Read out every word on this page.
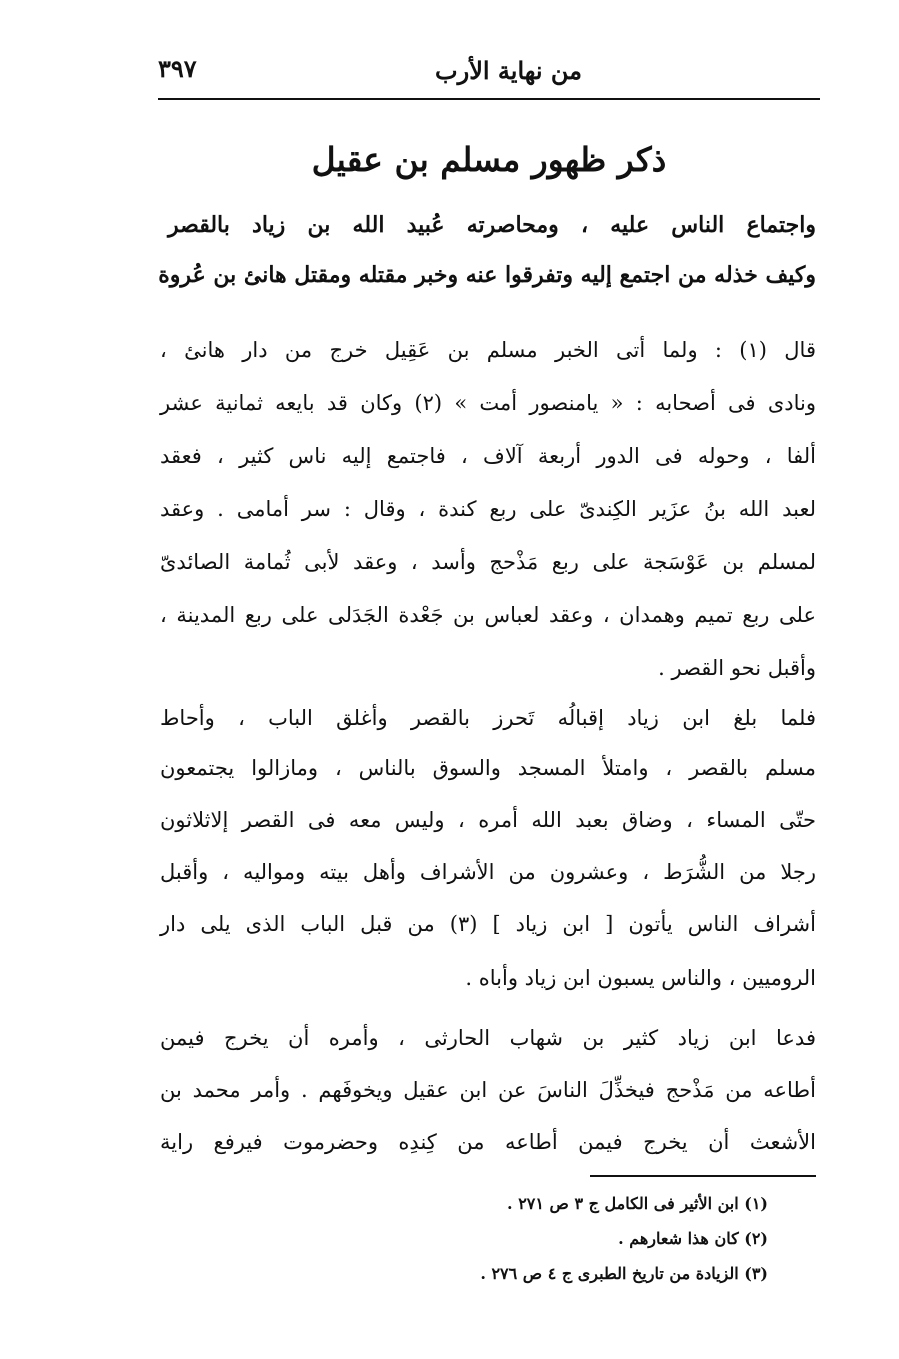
من نهاية الأرب
٣٩٧
ذكر ظهور مسلم بن عقيل
واجتماع الناس عليه ، ومحاصرته عُبيد الله بن زياد بالقصر
وكيف خذله من اجتمع إليه وتفرقوا عنه وخبر مقتله ومقتل هانئ بن عُروة
قال (١) : ولما أتى الخبر مسلم بن عَقِيل خرج من دار هانئ ،
ونادى فى أصحابه : « يامنصور أمت » (٢) وكان قد بايعه ثمانية عشر
ألفا ، وحوله فى الدور أربعة آلاف ، فاجتمع إليه ناس كثير ، فعقد
لعبد الله بنُ عزَير الكِندىّ على ربع كندة ، وقال : سر أمامى . وعقد
لمسلم بن عَوْسَجة على ربع مَذْحج وأسد ، وعقد لأبى ثُمامة الصائدىّ
على ربع تميم وهمدان ، وعقد لعباس بن جَعْدة الجَدَلى على ربع المدينة ،
وأقبل نحو القصر .
فلما بلغ ابن زياد إقبالُه تَحرز بالقصر وأغلق الباب ، وأحاط
مسلم بالقصر ، وامتلأ المسجد والسوق بالناس ، ومازالوا يجتمعون
حتّى المساء ، وضاق بعبد الله أمره ، وليس معه فى القصر إلاثلاثون
رجلا من الشُّرَط ، وعشرون من الأشراف وأهل بيته ومواليه ، وأقبل
أشراف الناس يأتون [ ابن زياد ] (٣) من قبل الباب الذى يلى دار
الروميين ، والناس يسبون ابن زياد وأباه .
فدعا ابن زياد كثير بن شهاب الحارثى ، وأمره أن يخرج فيمن
أطاعه من مَذْحج فيخذِّلَ الناسَ عن ابن عقيل ويخوفَهم . وأمر محمد بن
الأشعث أن يخرج فيمن أطاعه من كِندِه وحضرموت فيرفع راية
(١) ابن الأثير فى الكامل ج ٣ ص ٢٧١ .
(٢) كان هذا شعارهم .
(٣) الزيادة من تاريخ الطبرى ج ٤ ص ٢٧٦ .
